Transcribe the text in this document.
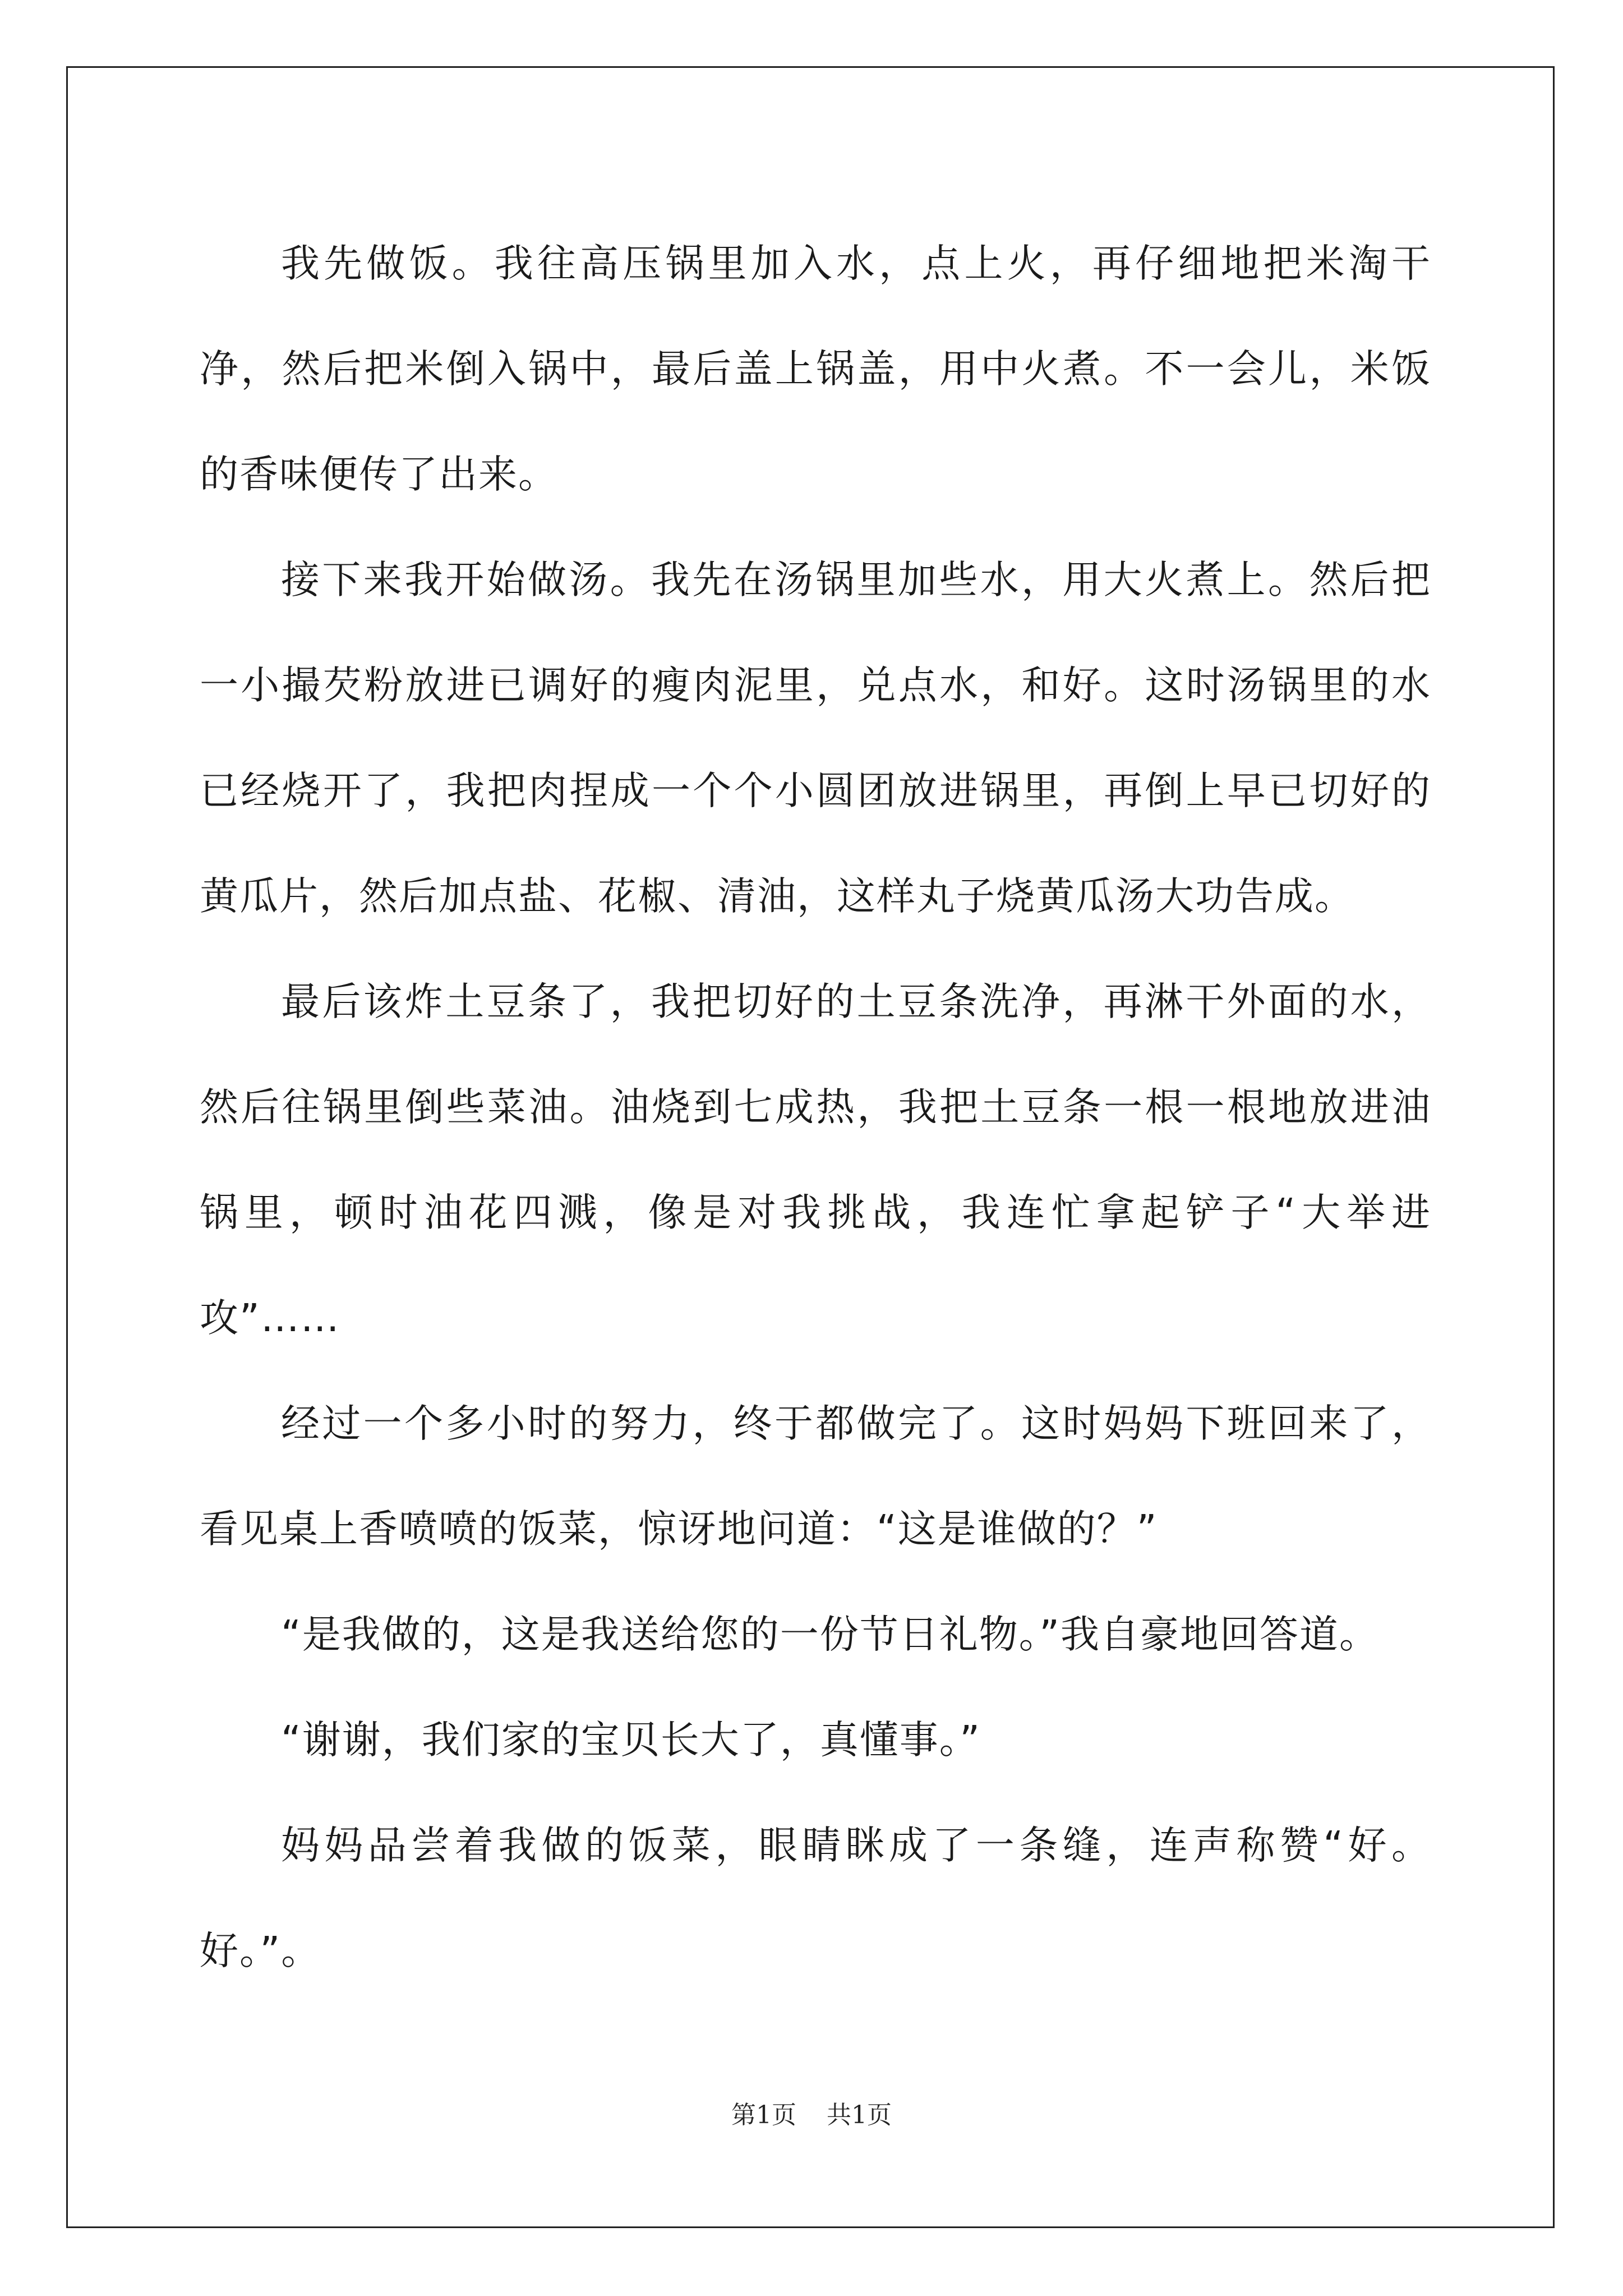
我先做饭。我往高压锅里加入水，点上火，再仔细地把米淘干净，然后把米倒入锅中，最后盖上锅盖，用中火煮。不一会儿，米饭的香味便传了出来。

接下来我开始做汤。我先在汤锅里加些水，用大火煮上。然后把一小撮芡粉放进已调好的瘦肉泥里，兑点水，和好。这时汤锅里的水已经烧开了，我把肉捏成一个个小圆团放进锅里，再倒上早已切好的黄瓜片，然后加点盐、花椒、清油，这样丸子烧黄瓜汤大功告成。

最后该炸土豆条了，我把切好的土豆条洗净，再淋干外面的水，然后往锅里倒些菜油。油烧到七成热，我把土豆条一根一根地放进油锅里，顿时油花四溅，像是对我挑战，我连忙拿起铲子“大举进攻”……

经过一个多小时的努力，终于都做完了。这时妈妈下班回来了，看见桌上香喷喷的饭菜，惊讶地问道：“这是谁做的？”

“是我做的，这是我送给您的一份节日礼物。”我自豪地回答道。

“谢谢，我们家的宝贝长大了，真懂事。”

妈妈品尝着我做的饭菜，眼睛眯成了一条缝，连声称赞“好。好。”。

第1页 共1页
